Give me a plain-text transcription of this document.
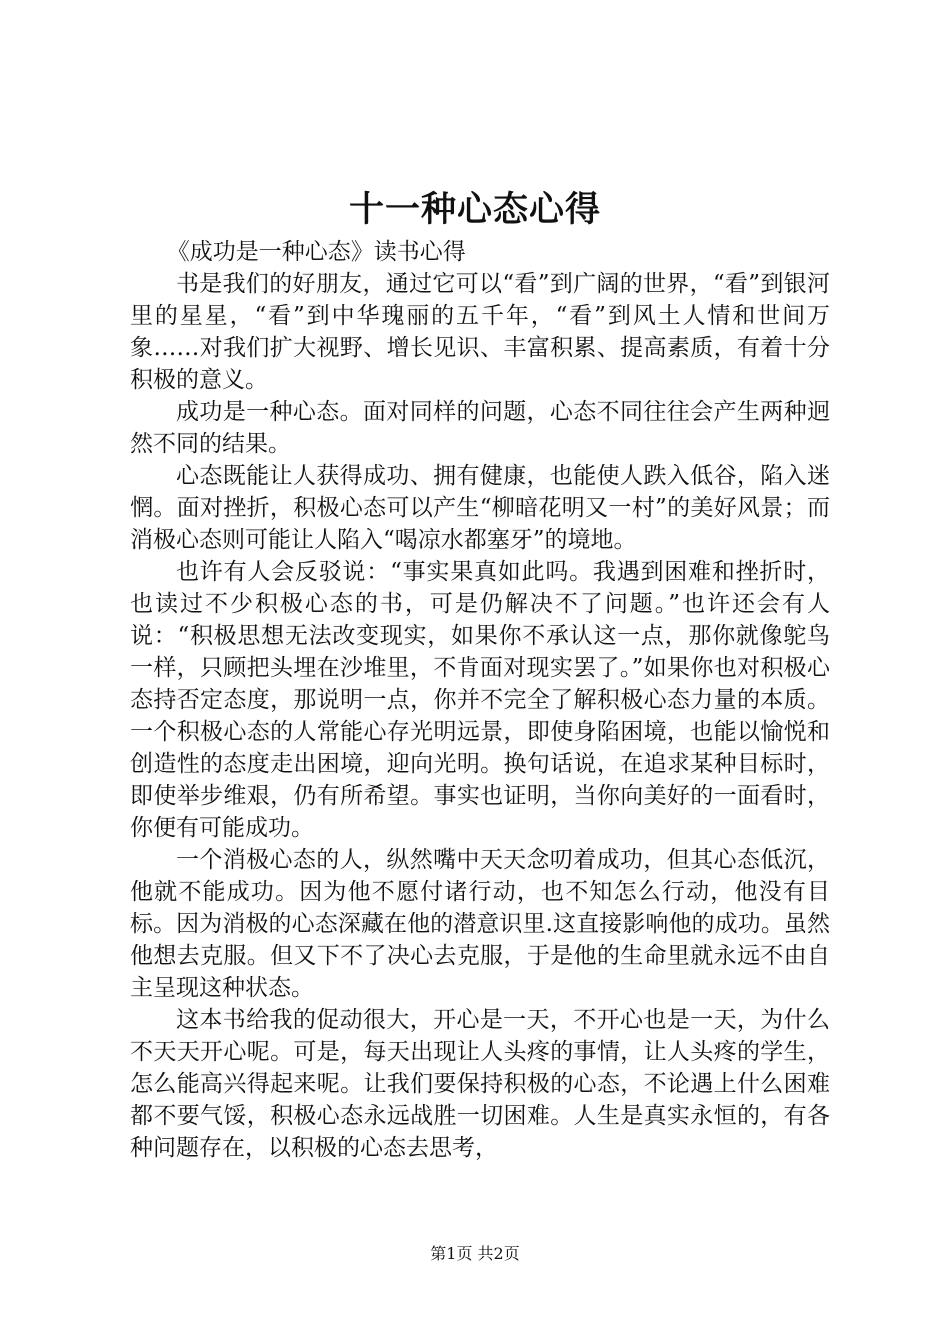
十一种心态心得

《成功是一种心态》读书心得

书是我们的好朋友，通过它可以“看”到广阔的世界，“看”到银河里的星星，“看”到中华瑰丽的五千年，“看”到风土人情和世间万象……对我们扩大视野、增长见识、丰富积累、提高素质，有着十分积极的意义。

成功是一种心态。面对同样的问题，心态不同往往会产生两种迥然不同的结果。

心态既能让人获得成功、拥有健康，也能使人跌入低谷，陷入迷惘。面对挫折，积极心态可以产生“柳暗花明又一村”的美好风景；而消极心态则可能让人陷入“喝凉水都塞牙”的境地。

也许有人会反驳说：“事实果真如此吗。我遇到困难和挫折时，也读过不少积极心态的书，可是仍解决不了问题。”也许还会有人说：“积极思想无法改变现实，如果你不承认这一点，那你就像鸵鸟一样，只顾把头埋在沙堆里，不肯面对现实罢了。”如果你也对积极心态持否定态度，那说明一点，你并不完全了解积极心态力量的本质。一个积极心态的人常能心存光明远景，即使身陷困境，也能以愉悦和创造性的态度走出困境，迎向光明。换句话说，在追求某种目标时，即使举步维艰，仍有所希望。事实也证明，当你向美好的一面看时，你便有可能成功。

一个消极心态的人，纵然嘴中天天念叨着成功，但其心态低沉，他就不能成功。因为他不愿付诸行动，也不知怎么行动，他没有目标。因为消极的心态深藏在他的潜意识里.这直接影响他的成功。虽然他想去克服。但又下不了决心去克服，于是他的生命里就永远不由自主呈现这种状态。

这本书给我的促动很大，开心是一天，不开心也是一天，为什么不天天开心呢。可是，每天出现让人头疼的事情，让人头疼的学生，怎么能高兴得起来呢。让我们要保持积极的心态，不论遇上什么困难都不要气馁，积极心态永远战胜一切困难。人生是真实永恒的，有各种问题存在，以积极的心态去思考，

第1页 共2页
